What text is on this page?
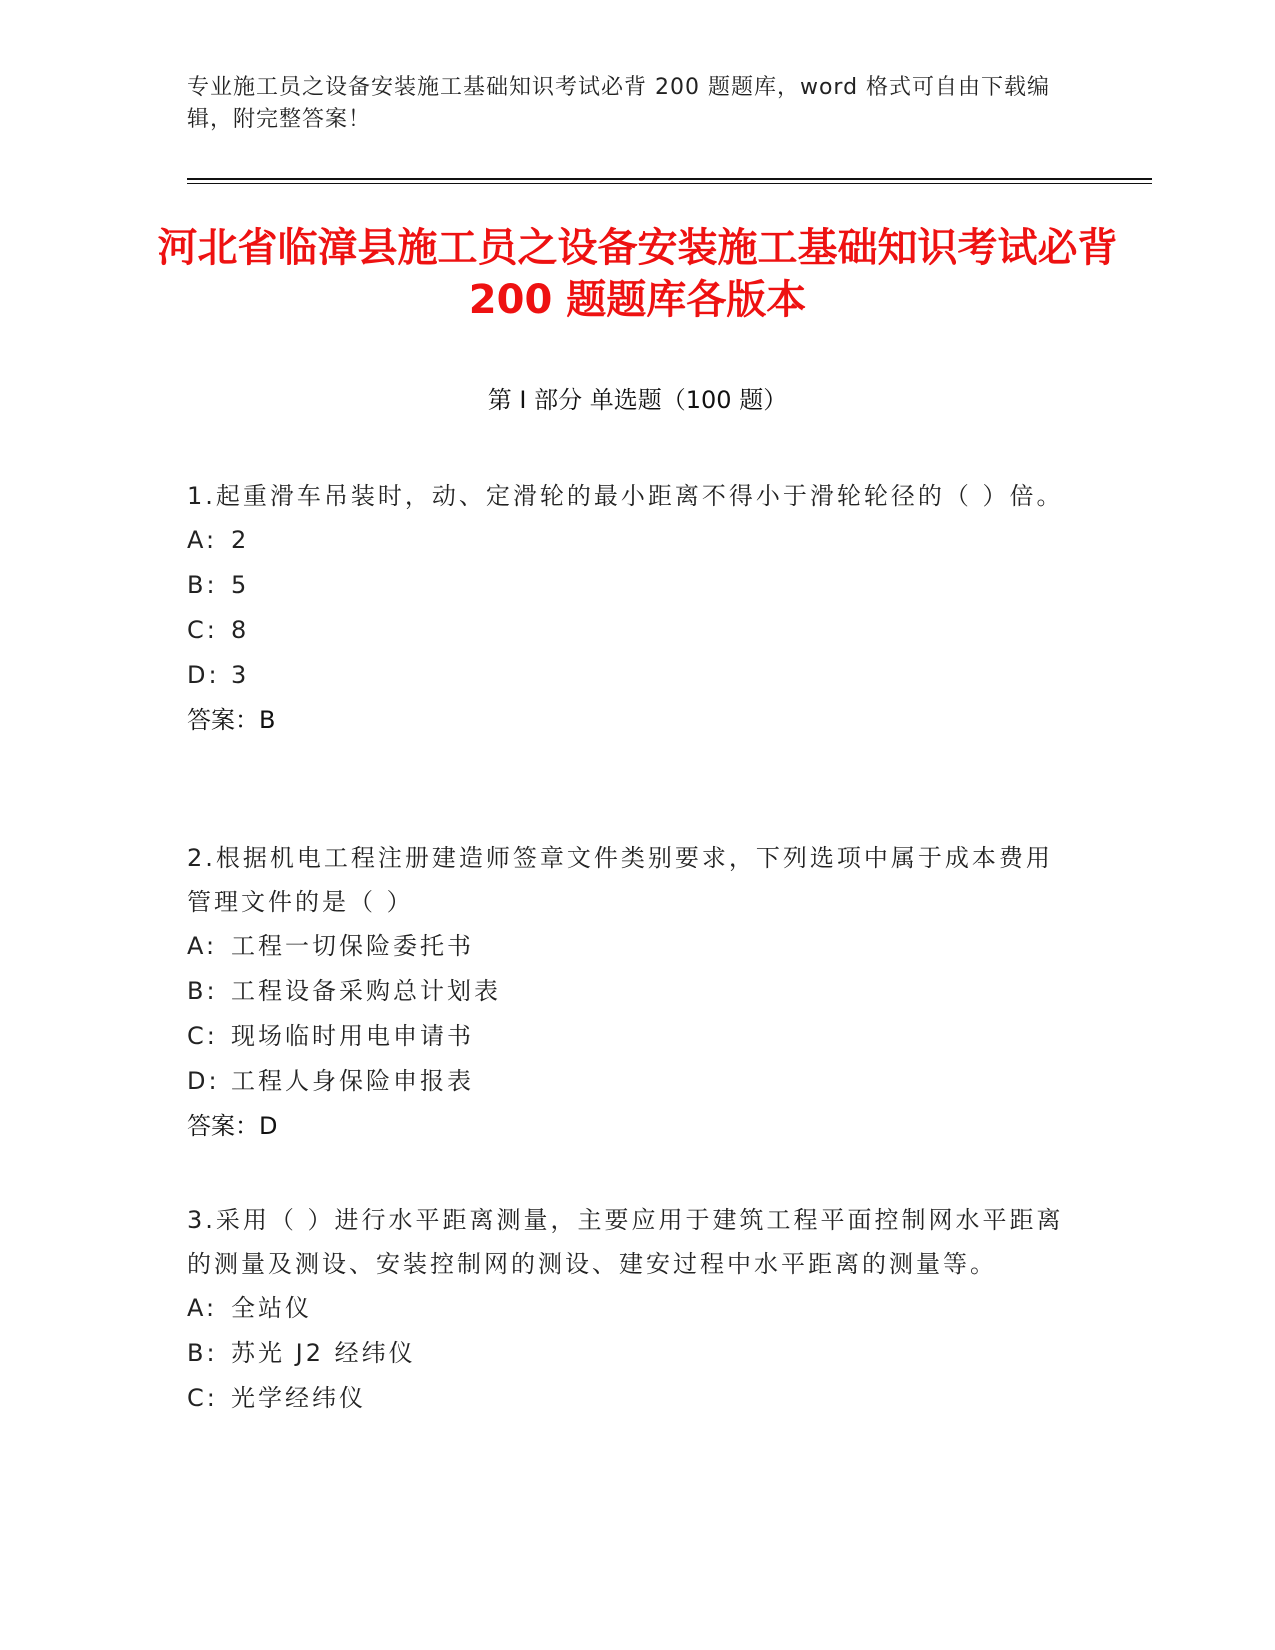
专业施工员之设备安装施工基础知识考试必背 200 题题库，word 格式可自由下载编辑，附完整答案！
河北省临漳县施工员之设备安装施工基础知识考试必背 200 题题库各版本
第 I 部分 单选题（100 题）
1.起重滑车吊装时，动、定滑轮的最小距离不得小于滑轮轮径的（ ）倍。
A: 2
B: 5
C: 8
D: 3
答案：B
2.根据机电工程注册建造师签章文件类别要求，下列选项中属于成本费用管理文件的是（ ）
A: 工程一切保险委托书
B: 工程设备采购总计划表
C: 现场临时用电申请书
D: 工程人身保险申报表
答案：D
3.采用（ ）进行水平距离测量，主要应用于建筑工程平面控制网水平距离的测量及测设、安装控制网的测设、建安过程中水平距离的测量等。
A: 全站仪
B: 苏光 J2 经纬仪
C: 光学经纬仪
